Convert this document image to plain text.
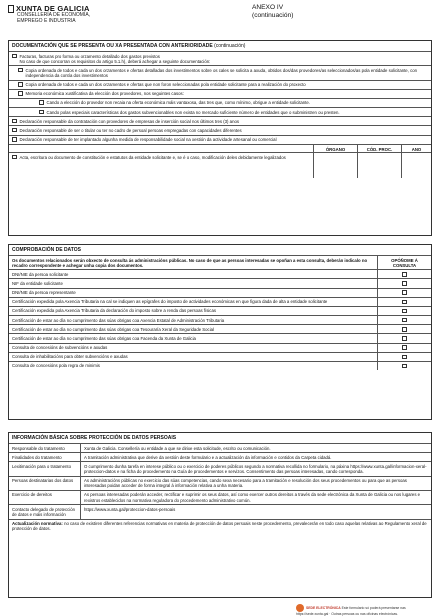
XUNTA DE GALICIA
CONSELLERÍA DE ECONOMÍA,
EMPREGO E INDUSTRIA
ANEXO IV
(continuación)
DOCUMENTACIÓN QUE SE PRESENTA OU XA PRESENTADA CON ANTERIORIDADE (continuación)
Facturas, facturas pro forma ou orzamento detallado dos gastos previstos
No caso de que concorran os requisitos do artigo 5.1.h), deberá achegar a seguinte documentación:
Copia ordenada de todos e cada un dos orzamentos e ofertas detalladas dos investimentos sobre os cales se solicita a axuda, obtidos dos/das provedores/as seleccionados/as pola entidade solicitante, con independencia da contía dos investimentos
Copia ordenada de todos e cada un dos orzamentos e ofertas que non foron seleccionadas pola entidade solicitante para a realización do proxecto
Memoria económica xustificativa da elección dos provedores, nos seguintes casos:
Cando a elección do provedor non recaia na oferta económica máis vantaxosa, das tres que, como mínimo, obrigue a entidade solicitante.
Cando polas especiais características dos gastos subvencionables non exista no mercado suficiente número de entidades que o subministren ou presten.
Declaración responsable da contratación con provedores de empresas de inserción social nos últimos tres (3) anos
Declaración responsable de ser o titular ou ter no cadro de persoal persoas empregadas con capacidades diferentes
Declaración responsable de ter implantado algunha medida de responsabilidade social na xestión da actividade artesanal ou comercial
ÓRGANO	CÓD. PROC.	ANO
Acta, escritura ou documento de constitución e estatutos da entidade solicitante e, se é o caso, modificación deles debidamente legalizados
COMPROBACIÓN DE DATOS
Os documentos relacionados serán obxecto de consulta ás administracións públicas. No caso de que as persoas interesadas se opoñan a esta consulta, deberán indicalo no recadro correspondente e achegar unha copia dos documentos.
OPÓÑOME Á CONSULTA
DNI/NIE da persoa solicitante
NIF da entidade solicitante
DNI/NIE da persoa representante
Certificación expedida pola Axencia Tributaria na cal se indiquen as epígrafes do imposto de actividades económicas en que figura dada de alta a entidade solicitante
Certificación expedida pola Axencia Tributaria da declaración do imposto sobre a renda das persoas físicas
Certificación de estar ao día no cumprimento das súas obrigas coa Axencia Estatal de Administración Tributaria
Certificación de estar ao día no cumprimento das súas obrigas coa Tesouraría Xeral da Seguridade Social
Certificación de estar ao día no cumprimento das súas obrigas coa Facenda da Xunta de Galicia
Consulta de concesións de subvencións e axudas
Consulta de inhabilitacións para obter subvencións e axudas
Consulta de concesións pola regra de minimis
INFORMACIÓN BÁSICA SOBRE PROTECCIÓN DE DATOS PERSOAIS
Responsable do tratamento	Xunta de Galicia. Consellería ou entidade a que se dirixe esta solicitude, escrito ou comunicación.
Finalidades do tratamento	A tramitación administrativa que derive da xestión deste formulario e a actualización da información e contidos da Carpeta cidadá.
Lexitimación para o tratamento	O cumprimento dunha tarefa en interese público ou o exercicio de poderes públicos segundo a normativa recollida no formulario, na páxina https://www.xunta.gal/informacion-xeral-proteccion-datos e na ficha do procedemento na Guía de procedementos e servizos. Consentimento das persoas interesadas, cando corresponda.
Persoas destinatarias dos datos	As administracións públicas no exercicio das súas competencias, cando sexa necesario para a tramitación e resolución dos seus procedementos ou para que as persoas interesadas poidan acceder de forma integral á información relativa a unha materia.
Exercicio de dereitos	As persoas interesadas poderán acceder, rectificar e suprimir os seus datos, así como exercer outros dereitos a través da sede electrónica da Xunta de Galicia ou nos lugares e rexistros establecidos na normativa reguladora do procedemento administrativo común.
Contacto delegado de protección de datos e máis información
https://www.xunta.gal/proteccion-datos-persoais
Actualización normativa: no caso de existiren diferentes referencias normativas en materia de protección de datos persoais neste procedemento, prevalecerán en todo caso aquelas relativas ao Regulamento xeral de protección de datos.
SEDE ELECTRÓNICA Este formulario só poderá presentarse nas https://sede.xunta.gal · Outras persoas ou nas oficinas electrónicas.
